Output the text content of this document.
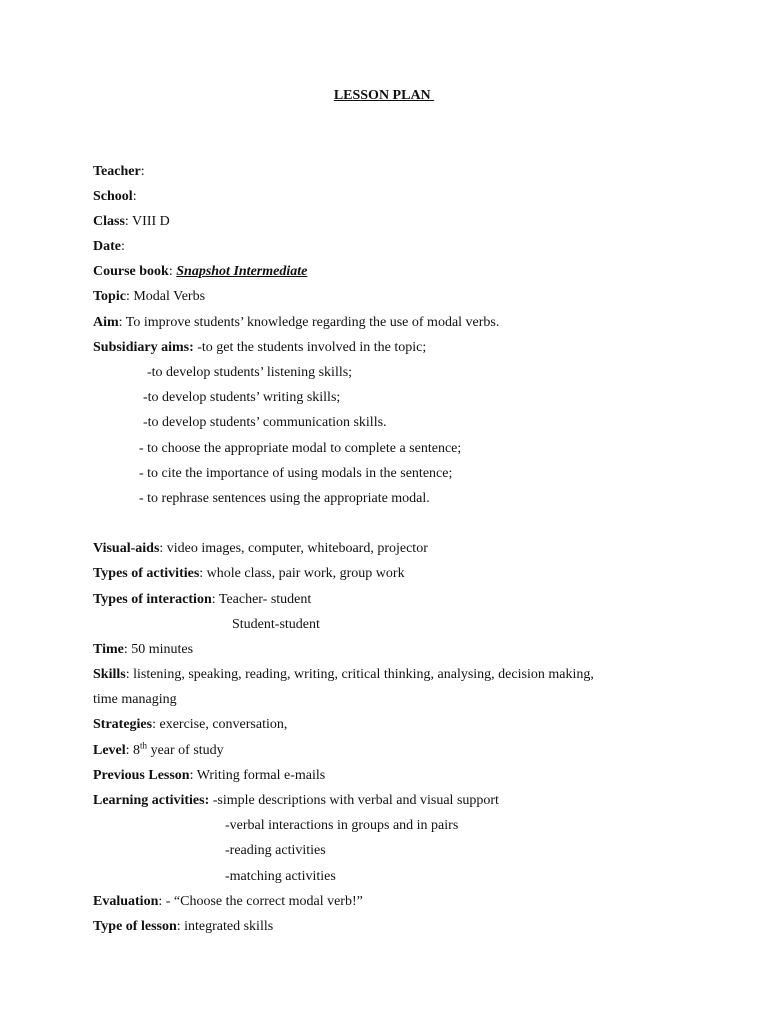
LESSON PLAN
Teacher:
School:
Class: VIII D
Date:
Course book: Snapshot Intermediate
Topic: Modal Verbs
Aim: To improve students’ knowledge regarding the use of modal verbs.
Subsidiary aims: -to get the students involved in the topic;
-to develop students’ listening skills;
-to develop students’ writing skills;
-to develop students’ communication skills.
- to choose the appropriate modal to complete a sentence;
- to cite the importance of using modals in the sentence;
- to rephrase sentences using the appropriate modal.
Visual-aids: video images, computer, whiteboard, projector
Types of activities: whole class, pair work, group work
Types of interaction: Teacher- student
Student-student
Time: 50 minutes
Skills: listening, speaking, reading, writing, critical thinking, analysing, decision making,
time managing
Strategies: exercise, conversation,
Level: 8th year of study
Previous Lesson: Writing formal e-mails
Learning activities: -simple descriptions with verbal and visual support
-verbal interactions in groups and in pairs
-reading activities
-matching activities
Evaluation: - “Choose the correct modal verb!”
Type of lesson: integrated skills
